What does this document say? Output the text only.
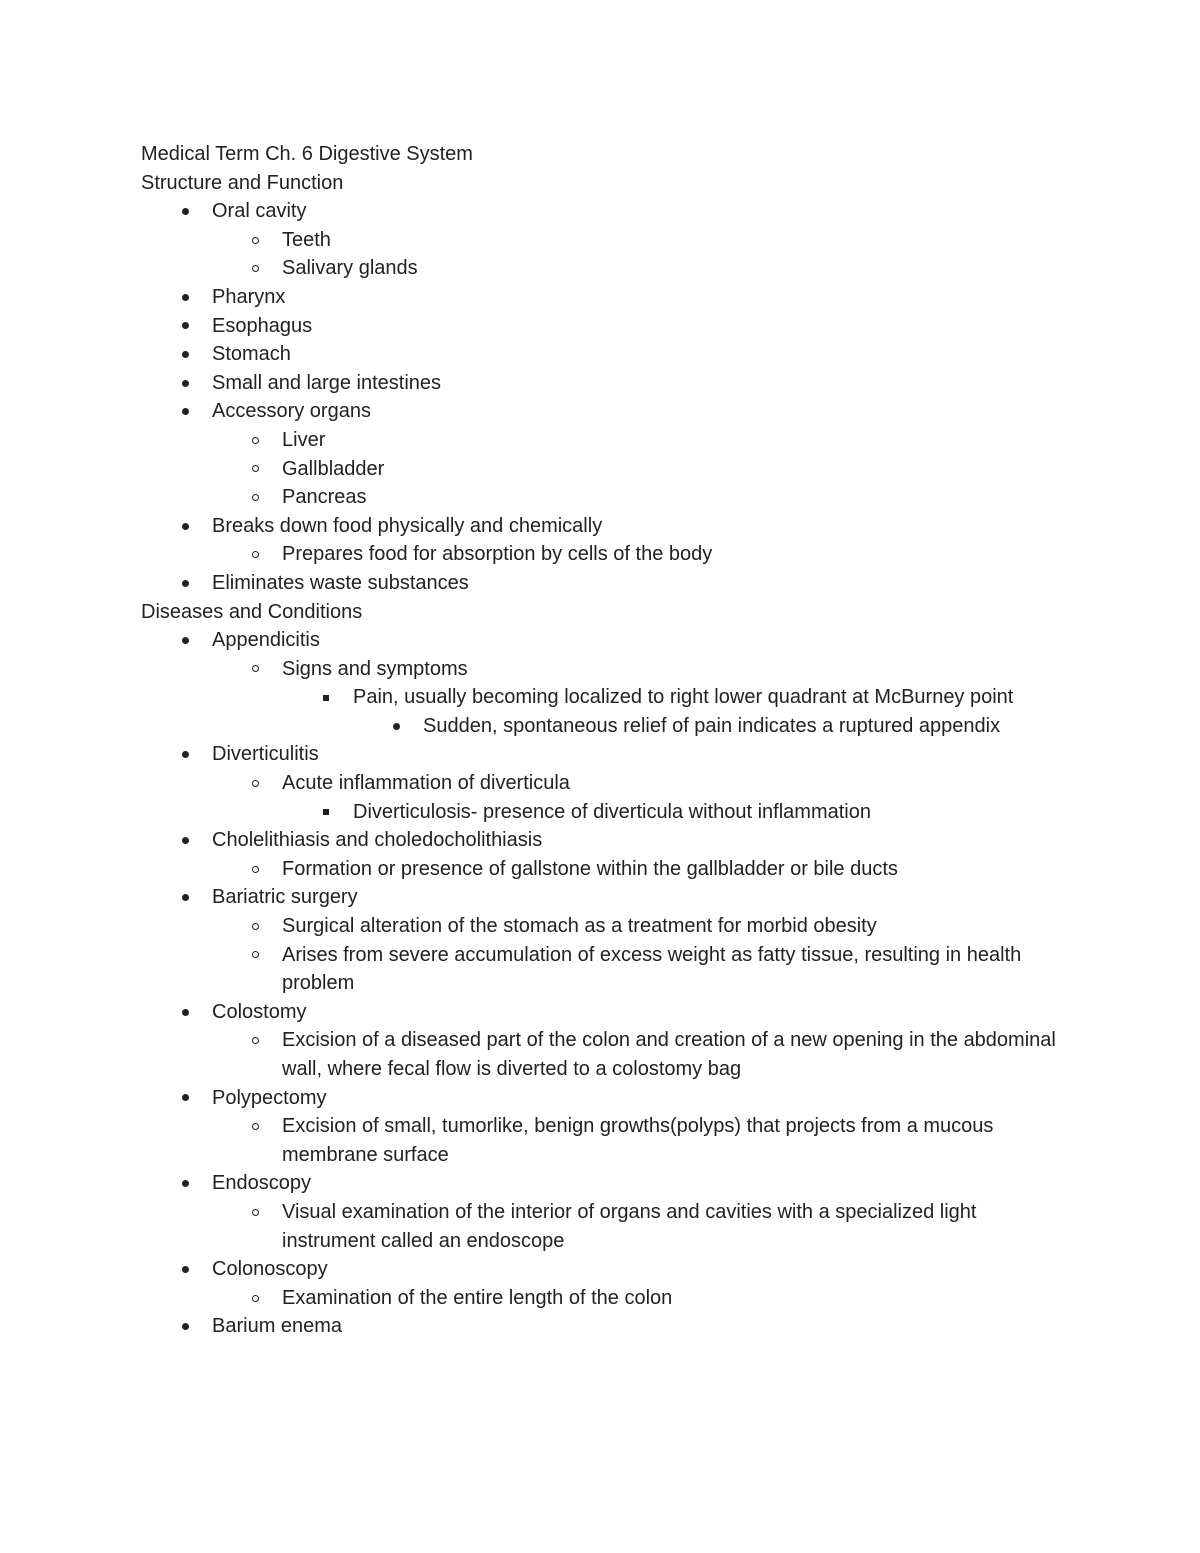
Medical Term Ch. 6 Digestive System
Structure and Function
Oral cavity
Teeth
Salivary glands
Pharynx
Esophagus
Stomach
Small and large intestines
Accessory organs
Liver
Gallbladder
Pancreas
Breaks down food physically and chemically
Prepares food for absorption by cells of the body
Eliminates waste substances
Diseases and Conditions
Appendicitis
Signs and symptoms
Pain, usually becoming localized to right lower quadrant at McBurney point
Sudden, spontaneous relief of pain indicates a ruptured appendix
Diverticulitis
Acute inflammation of diverticula
Diverticulosis- presence of diverticula without inflammation
Cholelithiasis and choledocholithiasis
Formation or presence of gallstone within the gallbladder or bile ducts
Bariatric surgery
Surgical alteration of the stomach as a treatment for morbid obesity
Arises from severe accumulation of excess weight as fatty tissue, resulting in health problem
Colostomy
Excision of a diseased part of the colon and creation of a new opening in the abdominal wall, where fecal flow is diverted to a colostomy bag
Polypectomy
Excision of small, tumorlike, benign growths(polyps) that projects from a mucous membrane surface
Endoscopy
Visual examination of the interior of organs and cavities with a specialized light instrument called an endoscope
Colonoscopy
Examination of the entire length of the colon
Barium enema
